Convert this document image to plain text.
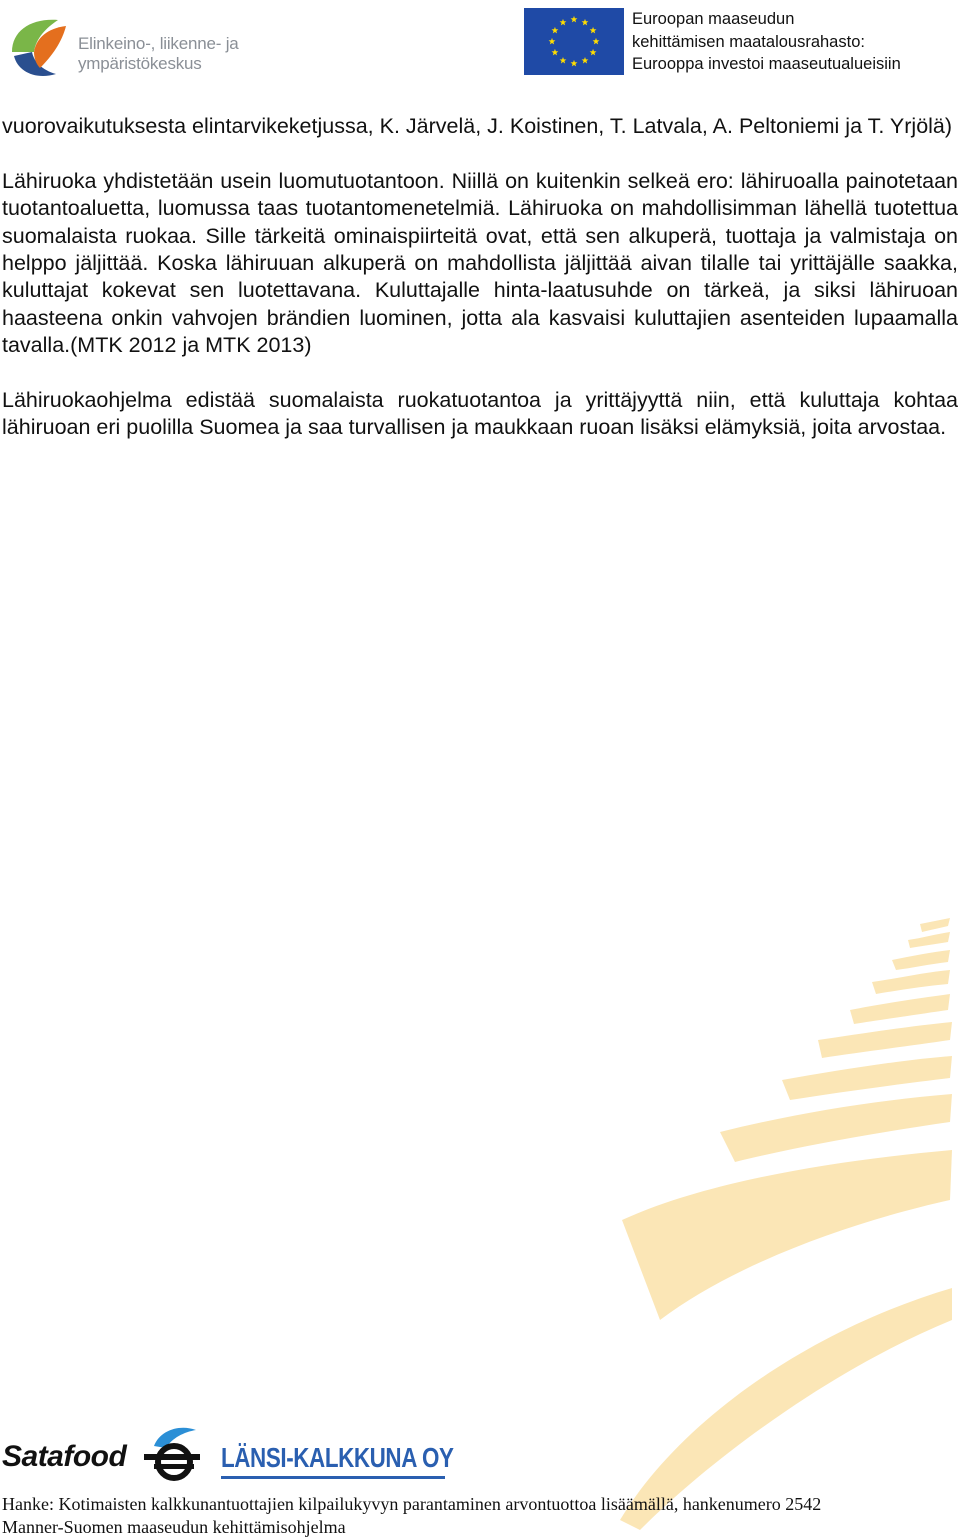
Elinkeino-, liikenne- ja
ympäristökeskus
Euroopan maaseudun
kehittämisen maatalousrahasto:
Eurooppa investoi maaseutualueisiin

vuorovaikutuksesta elintarvikeketjussa, K. Järvelä, J. Koistinen, T. Latvala, A. Peltoniemi ja T. Yrjölä)

Lähiruoka yhdistetään usein luomutuotantoon. Niillä on kuitenkin selkeä ero: lähiruoalla painotetaan tuotantoaluetta, luomussa taas tuotantomenetelmiä. Lähiruoka on mahdollisimman lähellä tuotettua suomalaista ruokaa. Sille tärkeitä ominaispiirteitä ovat, että sen alkuperä, tuottaja ja valmistaja on helppo jäljittää. Koska lähiruuan alkuperä on mahdollista jäljittää aivan tilalle tai yrittäjälle saakka, kuluttajat kokevat sen luotettavana. Kuluttajalle hinta-laatusuhde on tärkeä, ja siksi lähiruoan haasteena onkin vahvojen brändien luominen, jotta ala kasvaisi kuluttajien asenteiden lupaamalla tavalla.(MTK 2012 ja MTK 2013)

Lähiruokaohjelma edistää suomalaista ruokatuotantoa ja yrittäjyyttä niin, että kuluttaja kohtaa lähiruoan eri puolilla Suomea ja saa turvallisen ja maukkaan ruoan lisäksi elämyksiä, joita arvostaa.

Satafood	LÄNSI-KALKKUNA OY
Hanke: Kotimaisten kalkkunantuottajien kilpailukyvyn parantaminen arvontuottoa lisäämällä, hankenumero 2542
Manner-Suomen maaseudun kehittämisohjelma
